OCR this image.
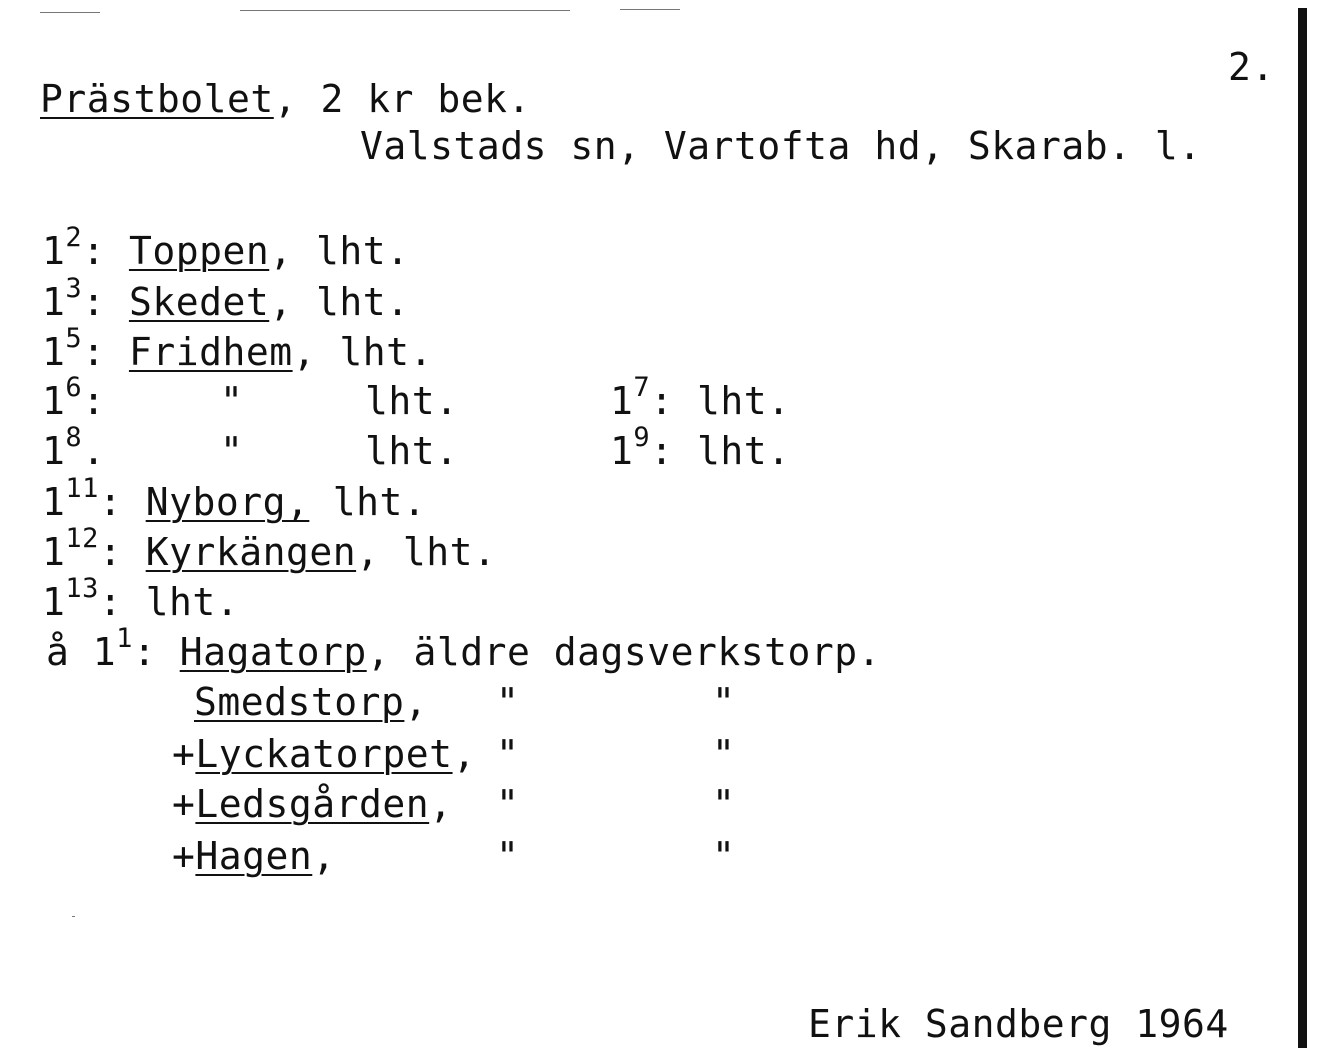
2.
Prästbolet, 2 kr bek.
Valstads sn, Vartofta hd, Skarab. l.
$1^2$: Toppen, lht.
$1^3$: Skedet, lht.
$1^5$: Fridhem, lht.
$1^6$:	"	lht.	$1^7$: lht.
$1^8$.	"	lht.	$1^9$: lht.
$1^{11}$: Nyborg, lht.
$1^{12}$: Kyrkängen, lht.
$1^{13}$: lht.
å $1^1$: Hagatorp, äldre dagsverkstorp.
Smedstorp, "	"
+Lyckatorpet, "	"
+Ledsgården, "	"
+Hagen,	"	"
Erik Sandberg 1964
